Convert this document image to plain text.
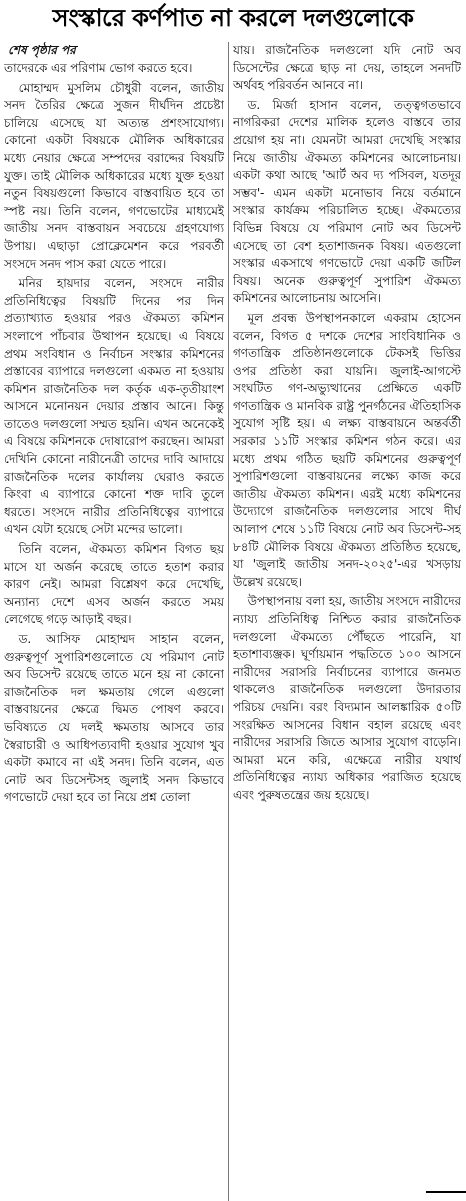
সংস্কারে কর্ণপাত না করলে দলগুলোকে
শেষ পৃষ্ঠার পর

তাদেরকে এর পরিণাম ভোগ করতে হবে।

মোহাম্মদ মুসলিম চৌধুরী বলেন, জাতীয় সনদ তৈরির ক্ষেত্রে সুজন দীর্ঘদিন প্রচেষ্টা চালিয়ে এসেছে যা অত্যন্ত প্রশংসাযোগ্য। কোনো একটা বিষয়কে মৌলিক অধিকারের মধ্যে নেয়ার ক্ষেত্রে সম্পদের বরাদ্দের বিষয়টি যুক্ত। তাই মৌলিক অধিকারের মধ্যে যুক্ত হওয়া নতুন বিষয়গুলো কিভাবে বাস্তবায়িত হবে তা স্পষ্ট নয়। তিনি বলেন, গণভোটের মাধ্যমেই জাতীয় সনদ বাস্তবায়ন সবচেয়ে গ্রহণযোগ্য উপায়। এছাড়া প্রোক্লেমেশন করে পরবর্তী সংসদে সনদ পাস করা যেতে পারে।

মনির হায়দার বলেন, সংসদে নারীর প্রতিনিধিত্বের বিষয়টি দিনের পর দিন প্রত্যাখ্যাত হওয়ার পরও ঐকমত্য কমিশন সংলাপে পাঁচবার উত্থাপন হয়েছে। এ বিষয়ে প্রথম সংবিধান ও নির্বাচন সংস্কার কমিশনের প্রস্তাবের ব্যাপারে দলগুলো একমত না হওয়ায় কমিশন রাজনৈতিক দল কর্তৃক এক-তৃতীয়াংশ আসনে মনোনয়ন দেয়ার প্রস্তাব আনে। কিন্তু তাতেও দলগুলো সম্মত হয়নি। এখন অনেকেই এ বিষয়ে কমিশনকে দোষারোপ করছেন। আমরা দেখিনি কোনো নারীনেত্রী তাদের দাবি আদায়ে রাজনৈতিক দলের কার্যালয় ঘেরাও করতে কিংবা এ ব্যাপারে কোনো শক্ত দাবি তুলে ধরতে। সংসদে নারীর প্রতিনিধিত্বের ব্যাপারে এখন যেটা হয়েছে সেটা মন্দের ভালো।

তিনি বলেন, ঐকমত্য কমিশন বিগত ছয় মাসে যা অর্জন করেছে তাতে হতাশ করার কারণ নেই। আমরা বিশ্লেষণ করে দেখেছি, অন্যান্য দেশে এসব অর্জন করতে সময় লেগেছে গড়ে আড়াই বছর।

ড. আসিফ মোহাম্মদ সাহান বলেন, গুরুত্বপূর্ণ সুপারিশগুলোতে যে পরিমাণ নোট অব ডিসেন্ট রয়েছে তাতে মনে হয় না কোনো রাজনৈতিক দল ক্ষমতায় গেলে এগুলো বাস্তবায়নের ক্ষেত্রে দ্বিমত পোষণ করবে। ভবিষ্যতে যে দলই ক্ষমতায় আসবে তার স্বৈরাচারী ও আধিপত্যবাদী হওয়ার সুযোগ খুব একটা কমাবে না এই সনদ। তিনি বলেন, এত নোট অব ডিসেন্টসহ জুলাই সনদ কিভাবে গণভোটে দেয়া হবে তা নিয়ে প্রশ্ন তোলা

যায়। রাজনৈতিক দলগুলো যদি নোট অব ডিসেন্টের ক্ষেত্রে ছাড় না দেয়, তাহলে সনদটি অর্থবহ পরিবর্তন আনবে না।

ড. মির্জা হাসান বলেন, তত্ত্বগতভাবে নাগরিকরা দেশের মালিক হলেও বাস্তবে তার প্রয়োগ হয় না। যেমনটা আমরা দেখেছি সংস্কার নিয়ে জাতীয় ঐকমত্য কমিশনের আলোচনায়। একটা কথা আছে 'আর্ট অব দ্য পসিবল, যতদূর সম্ভব'- এমন একটা মনোভাব নিয়ে বর্তমানে সংস্কার কার্যক্রম পরিচালিত হচ্ছে। ঐকমত্যের বিভিন্ন বিষয়ে যে পরিমাণ নোট অব ডিসেন্ট এসেছে তা বেশ হতাশাজনক বিষয়। এতগুলো সংস্কার একসাথে গণভোটে দেয়া একটি জটিল বিষয়। অনেক গুরুত্বপূর্ণ সুপারিশ ঐকমত্য কমিশনের আলোচনায় আসেনি।

মূল প্রবন্ধ উপস্থাপনকালে একরাম হোসেন বলেন, বিগত ৫ দশকে দেশের সাংবিধানিক ও গণতান্ত্রিক প্রতিষ্ঠানগুলোকে টেকসই ভিত্তির ওপর প্রতিষ্ঠা করা যায়নি। জুলাই-আগস্টে সংঘটিত গণ-অভ্যুত্থানের প্রেক্ষিতে একটি গণতান্ত্রিক ও মানবিক রাষ্ট্র পুনর্গঠনের ঐতিহাসিক সুযোগ সৃষ্টি হয়। এ লক্ষ্য বাস্তবায়নে অন্তর্বর্তী সরকার ১১টি সংস্কার কমিশন গঠন করে। এর মধ্যে প্রথম গঠিত ছয়টি কমিশনের গুরুত্বপূর্ণ সুপারিশগুলো বাস্তবায়নের লক্ষ্যে কাজ করে জাতীয় ঐকমত্য কমিশন। এরই মধ্যে কমিশনের উদ্যোগে রাজনৈতিক দলগুলোর সাথে দীর্ঘ আলাপ শেষে ১১টি বিষয়ে নোট অব ডিসেন্ট-সহ ৮৪টি মৌলিক বিষয়ে ঐকমত্য প্রতিষ্ঠিত হয়েছে, যা 'জুলাই জাতীয় সনদ-২০২৫'-এর খসড়ায় উল্লেখ রয়েছে।

উপস্থাপনায় বলা হয়, জাতীয় সংসদে নারীদের ন্যায্য প্রতিনিধিত্ব নিশ্চিত করার রাজনৈতিক দলগুলো ঐকমত্যে পৌঁছতে পারেনি, যা হতাশাব্যঞ্জক। ঘূর্ণায়মান পদ্ধতিতে ১০০ আসনে নারীদের সরাসরি নির্বাচনের ব্যাপারে জনমত থাকলেও রাজনৈতিক দলগুলো উদারতার পরিচয় দেয়নি। বরং বিদ্যমান আলঙ্কারিক ৫০টি সংরক্ষিত আসনের বিধান বহাল রয়েছে এবং নারীদের সরাসরি জিতে আসার সুযোগ বাড়েনি। আমরা মনে করি, এক্ষেত্রে নারীর যথার্থ প্রতিনিধিত্বের ন্যায্য অধিকার পরাজিত হয়েছে এবং পুরুষতন্ত্রের জয় হয়েছে।
